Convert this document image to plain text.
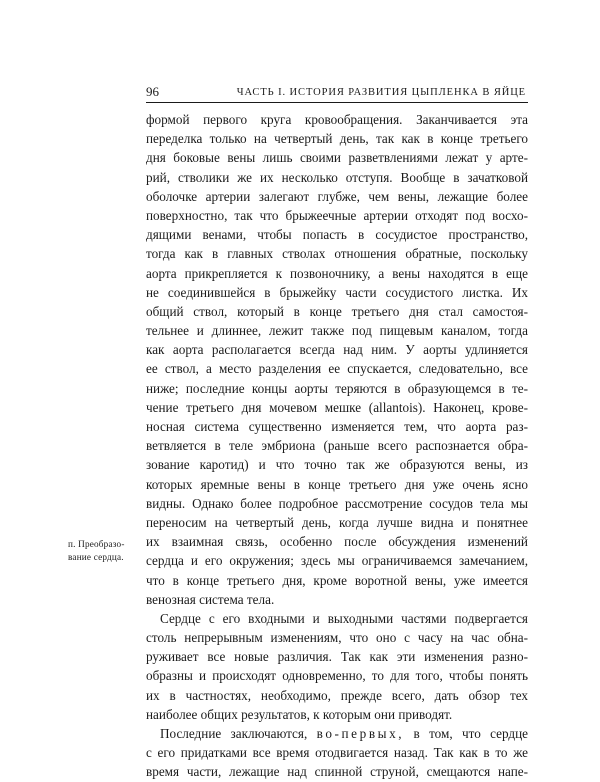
96	ЧАСТЬ I. ИСТОРИЯ РАЗВИТИЯ ЦЫПЛЕНКА В ЯЙЦЕ
п. Преобразо-
вание сердца.
формой первого круга кровообращения. Заканчивается эта
переделка только на четвертый день, так как в конце третьего
дня боковые вены лишь своими разветвлениями лежат у арте-
рий, стволики же их несколько отступя. Вообще в зачатковой
оболочке артерии залегают глубже, чем вены, лежащие более
поверхностно, так что брыжеечные артерии отходят под восхо-
дящими венами, чтобы попасть в сосудистое пространство,
тогда как в главных стволах отношения обратные, поскольку
аорта прикрепляется к позвоночнику, а вены находятся в еще
не соединившейся в брыжейку части сосудистого листка. Их
общий ствол, который в конце третьего дня стал самостоя-
тельнее и длиннее, лежит также под пищевым каналом, тогда
как аорта располагается всегда над ним. У аорты удлиняется
ее ствол, а место разделения ее спускается, следовательно, все
ниже; последние концы аорты теряются в образующемся в те-
чение третьего дня мочевом мешке (allantois). Наконец, крове-
носная система существенно изменяется тем, что аорта раз-
ветвляется в теле эмбриона (раньше всего распознается обра-
зование каротид) и что точно так же образуются вены, из
которых яремные вены в конце третьего дня уже очень ясно
видны. Однако более подробное рассмотрение сосудов тела мы
переносим на четвертый день, когда лучше видна и понятнее
их взаимная связь, особенно после обсуждения изменений
сердца и его окружения; здесь мы ограничиваемся замечанием,
что в конце третьего дня, кроме воротной вены, уже имеется
венозная система тела.
Сердце с его входными и выходными частями подвергается
столь непрерывным изменениям, что оно с часу на час обна-
руживает все новые различия. Так как эти изменения разно-
образны и происходят одновременно, то для того, чтобы понять
их в частностях, необходимо, прежде всего, дать обзор тех
наиболее общих результатов, к которым они приводят.
Последние заключаются, во-первых, в том, что сердце
с его придатками все время отодвигается назад. Так как в то же
время части, лежащие над спинной струной, смещаются напе-
